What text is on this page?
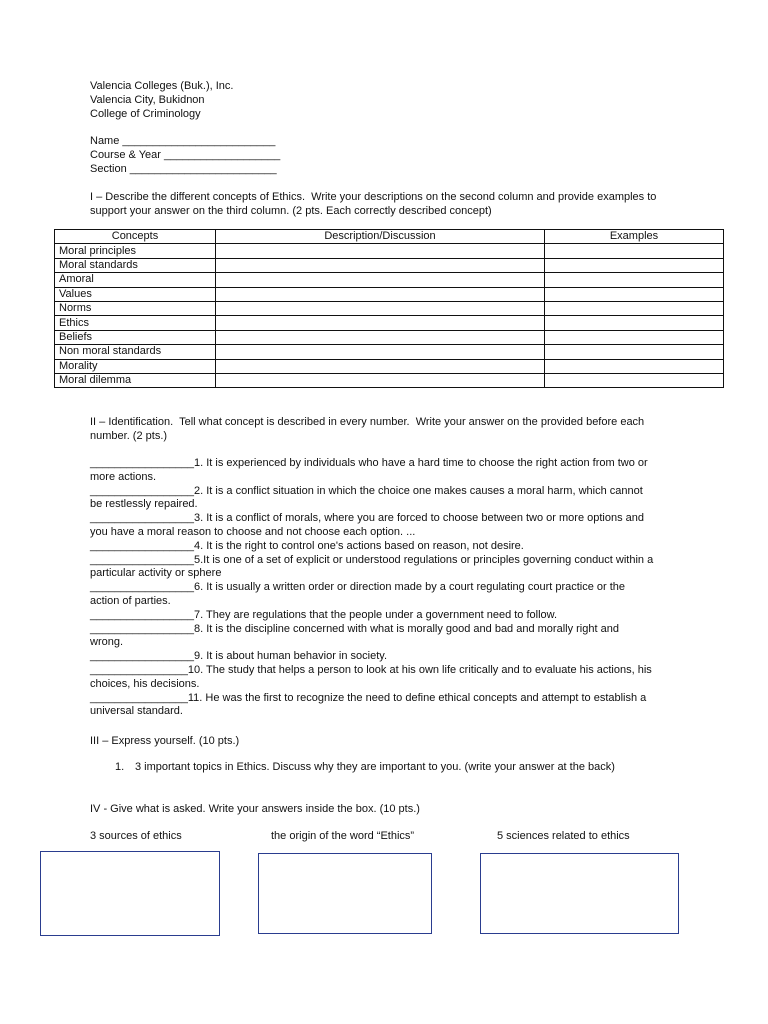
Valencia Colleges (Buk.), Inc.
Valencia City, Bukidnon
College of Criminology
Name _________________________
Course & Year ___________________
Section ________________________
I – Describe the different concepts of Ethics.  Write your descriptions on the second column and provide examples to
support your answer on the third column. (2 pts. Each correctly described concept)
Concepts	Description/Discussion	Examples
Moral principles		
Moral standards		
Amoral		
Values		
Norms		
Ethics		
Beliefs		
Non moral standards		
Morality		
Moral dilemma		
II – Identification.  Tell what concept is described in every number.  Write your answer on the provided before each
number. (2 pts.)

_________________1. It is experienced by individuals who have a hard time to choose the right action from two or

more actions.

_________________2. It is a conflict situation in which the choice one makes causes a moral harm, which cannot

be restlessly repaired.

_________________3. It is a conflict of morals, where you are forced to choose between two or more options and

you have a moral reason to choose and not choose each option. ...

_________________4. It is the right to control one's actions based on reason, not desire.

_________________5.It is one of a set of explicit or understood regulations or principles governing conduct within a

particular activity or sphere

_________________6. It is usually a written order or direction made by a court regulating court practice or the

action of parties.

_________________7. They are regulations that the people under a government need to follow.

_________________8. It is the discipline concerned with what is morally good and bad and morally right and

wrong.

_________________9. It is about human behavior in society.

________________10. The study that helps a person to look at his own life critically and to evaluate his actions, his

choices, his decisions.

________________11. He was the first to recognize the need to define ethical concepts and attempt to establish a

universal standard.

III – Express yourself. (10 pts.)
1. 3 important topics in Ethics. Discuss why they are important to you. (write your answer at the back)
IV - Give what is asked. Write your answers inside the box. (10 pts.)
3 sources of ethics	the origin of the word “Ethics”	5 sciences related to ethics
